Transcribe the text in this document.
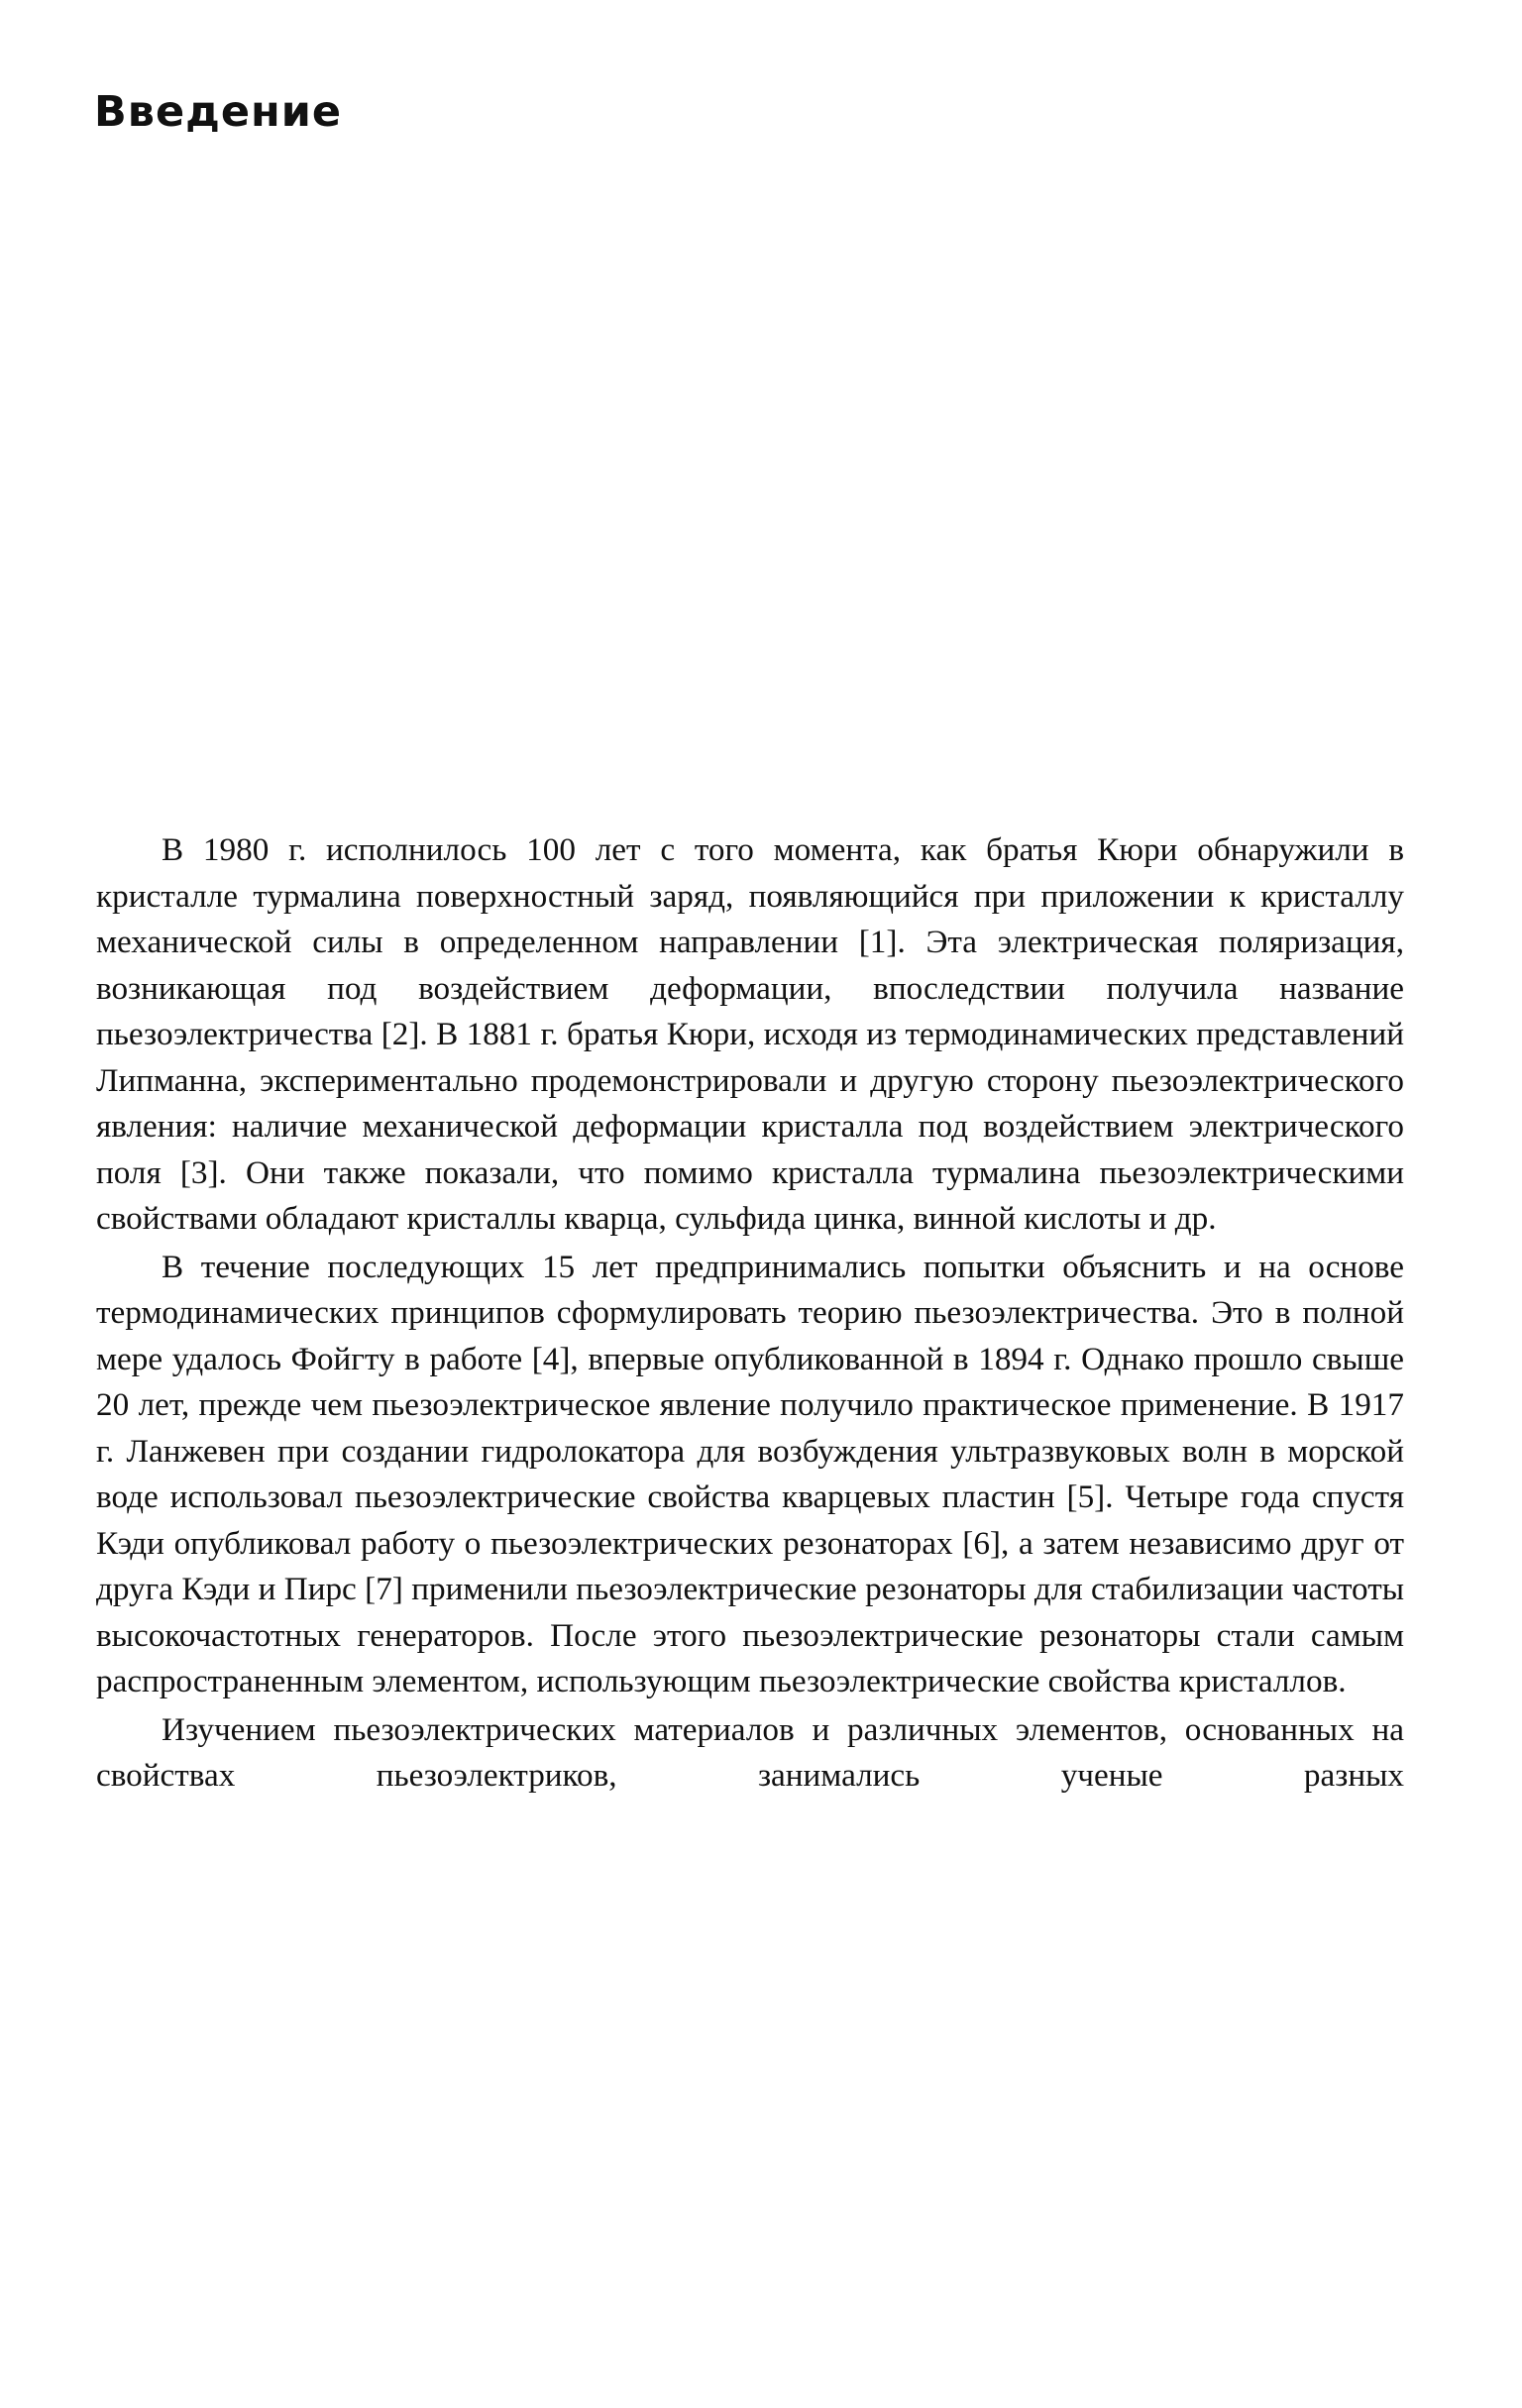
Введение

В 1980 г. исполнилось 100 лет с того момента, как братья Кюри обнаружили в кристалле турмалина поверхностный заряд, появляющийся при приложении к кристаллу механической силы в определенном направлении [1]. Эта электрическая поляризация, возникающая под воздействием деформации, впоследствии получила название пьезоэлектричества [2]. В 1881 г. братья Кюри, исходя из термодинамических представлений Липманна, экспериментально продемонстрировали и другую сторону пьезоэлектрического явления: наличие механической деформации кристалла под воздействием электрического поля [3]. Они также показали, что помимо кристалла турмалина пьезоэлектрическими свойствами обладают кристаллы кварца, сульфида цинка, винной кислоты и др.

В течение последующих 15 лет предпринимались попытки объяснить и на основе термодинамических принципов сформулировать теорию пьезоэлектричества. Это в полной мере удалось Фойгту в работе [4], впервые опубликованной в 1894 г. Однако прошло свыше 20 лет, прежде чем пьезоэлектрическое явление получило практическое применение. В 1917 г. Ланжевен при создании гидролокатора для возбуждения ультразвуковых волн в морской воде использовал пьезоэлектрические свойства кварцевых пластин [5]. Четыре года спустя Кэди опубликовал работу о пьезоэлектрических резонаторах [6], а затем независимо друг от друга Кэди и Пирс [7] применили пьезоэлектрические резонаторы для стабилизации частоты высокочастотных генераторов. После этого пьезоэлектрические резонаторы стали самым распространенным элементом, использующим пьезоэлектрические свойства кристаллов.

Изучением пьезоэлектрических материалов и различных элементов, основанных на свойствах пьезоэлектриков, занимались ученые разных
